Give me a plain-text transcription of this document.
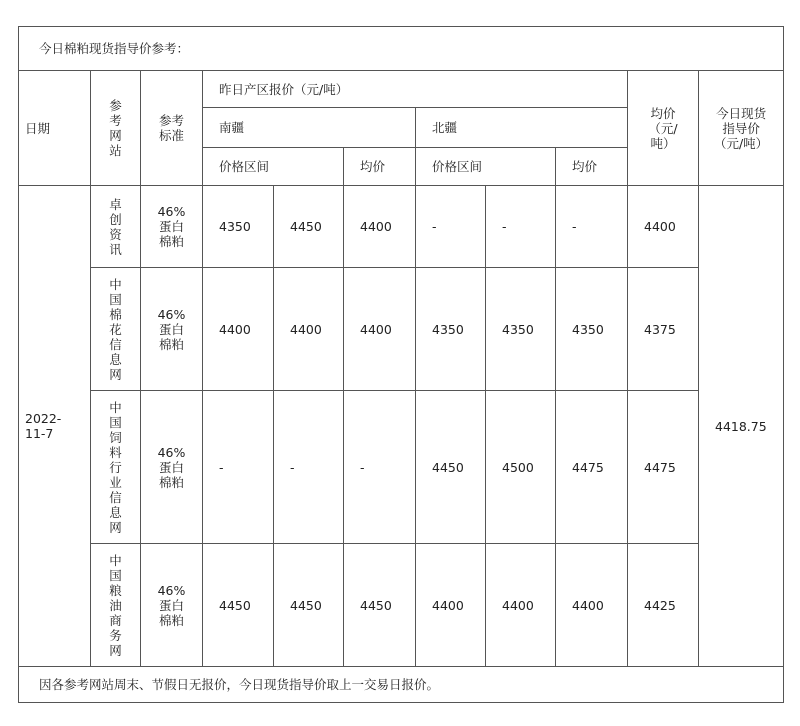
今日棉粕现货指导价参考：										
日期	参考网站	参考标准	昨日产区报价（元/吨）						均价（元/吨）	今日现货指导价（元/吨）

			南疆			北疆				
			价格区间		均价	价格区间		均价		

2022-11-7	卓创资讯	46%蛋白棉粕	4350	4450	4400	-	-	-	4400	4418.75

	中国棉花信息网	46%蛋白棉粕	4400	4400	4400	4350	4350	4350	4375	

	中国饲料行业信息网	46%蛋白棉粕	-	-	-	4450	4500	4475	4475	

	中国粮油商务网	46%蛋白棉粕	4450	4450	4450	4400	4400	4400	4425	
因各参考网站周末、节假日无报价，今日现货指导价取上一交易日报价。										
